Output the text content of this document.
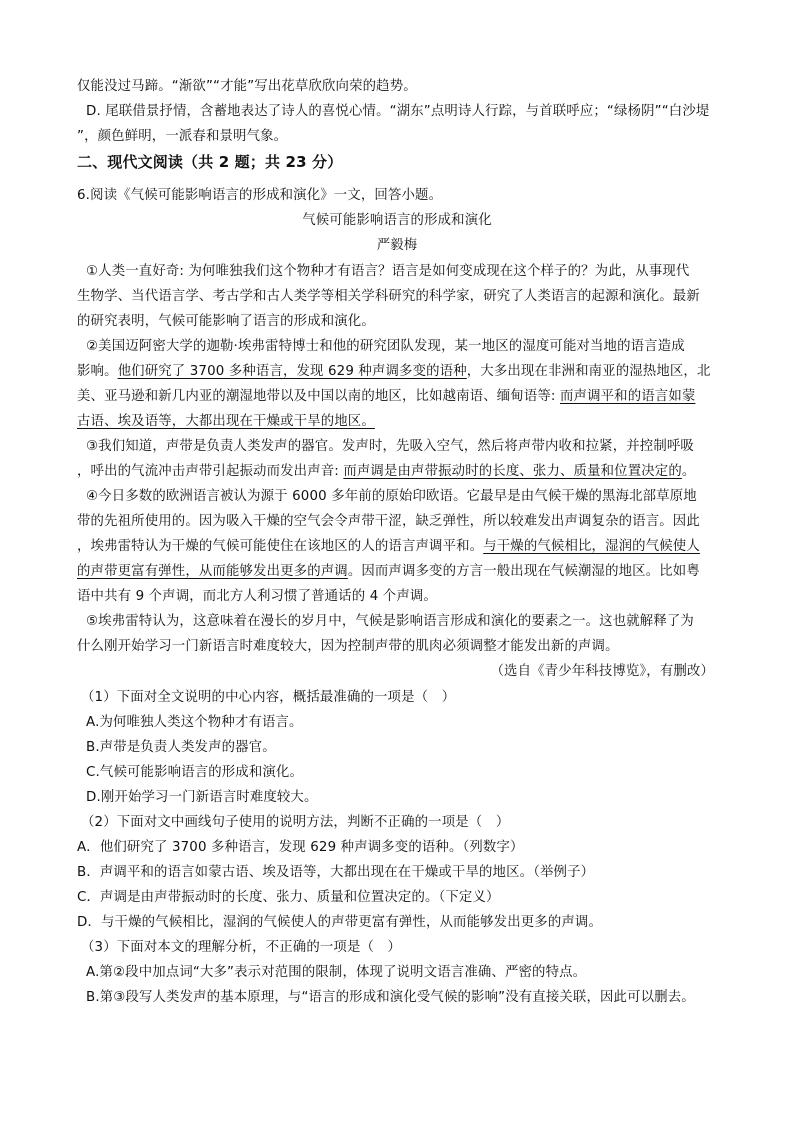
仅能没过马蹄。“渐欲”“才能”写出花草欣欣向荣的趋势。
D. 尾联借景抒情，含蓄地表达了诗人的喜悦心情。“湖东”点明诗人行踪，与首联呼应；“绿杨阴”“白沙堤
”，颜色鲜明，一派春和景明气象。
二、现代文阅读（共 2 题；共 23 分）
6.阅读《气候可能影响语言的形成和演化》一文，回答小题。
气候可能影响语言的形成和演化
严毅梅
①人类一直好奇: 为何唯独我们这个物种才有语言？语言是如何变成现在这个样子的？为此，从事现代
生物学、当代语言学、考古学和古人类学等相关学科研究的科学家，研究了人类语言的起源和演化。最新
的研究表明，气候可能影响了语言的形成和演化。
②美国迈阿密大学的迦勒·埃弗雷特博士和他的研究团队发现，某一地区的湿度可能对当地的语言造成
影响。他们研究了 3700 多种语言，发现 629 种声调多变的语种，大多出现在非洲和南亚的湿热地区，北
美、亚马逊和新几内亚的潮湿地带以及中国以南的地区，比如越南语、缅甸语等: 而声调平和的语言如蒙
古语、埃及语等，大都出现在干燥或干旱的地区。
③我们知道，声带是负责人类发声的器官。发声时，先吸入空气，然后将声带内收和拉紧，并控制呼吸
，呼出的气流冲击声带引起振动而发出声音: 而声调是由声带振动时的长度、张力、质量和位置决定的。
④今日多数的欧洲语言被认为源于 6000 多年前的原始印欧语。它最早是由气候干燥的黑海北部草原地
带的先祖所使用的。因为吸入干燥的空气会令声带干涩，缺乏弹性，所以较难发出声调复杂的语言。因此
，埃弗雷特认为干燥的气候可能使住在该地区的人的语言声调平和。与干燥的气候相比，湿润的气候使人
的声带更富有弹性，从而能够发出更多的声调。因而声调多变的方言一般出现在气候潮湿的地区。比如粤
语中共有 9 个声调，而北方人利习惯了普通话的 4 个声调。
⑤埃弗雷特认为，这意味着在漫长的岁月中，气候是影响语言形成和演化的要素之一。这也就解释了为
什么刚开始学习一门新语言时难度较大，因为控制声带的肌肉必须调整才能发出新的声调。
（选自《青少年科技博览》，有删改）
（1）下面对全文说明的中心内容，概括最准确的一项是（　）
A.为何唯独人类这个物种才有语言。
B.声带是负责人类发声的器官。
C.气候可能影响语言的形成和演化。
D.刚开始学习一门新语言时难度较大。
（2）下面对文中画线句子使用的说明方法，判断不正确的一项是（　）
A．他们研究了 3700 多种语言，发现 629 种声调多变的语种。（列数字）
B．声调平和的语言如蒙古语、埃及语等，大都出现在在干燥或干旱的地区。（举例子）
C．声调是由声带振动时的长度、张力、质量和位置决定的。（下定义）
D．与干燥的气候相比，湿润的气候使人的声带更富有弹性，从而能够发出更多的声调。
（3）下面对本文的理解分析，不正确的一项是（　）
A.第②段中加点词“大多”表示对范围的限制，体现了说明文语言准确、严密的特点。
B.第③段写人类发声的基本原理，与“语言的形成和演化受气候的影响”没有直接关联，因此可以删去。
